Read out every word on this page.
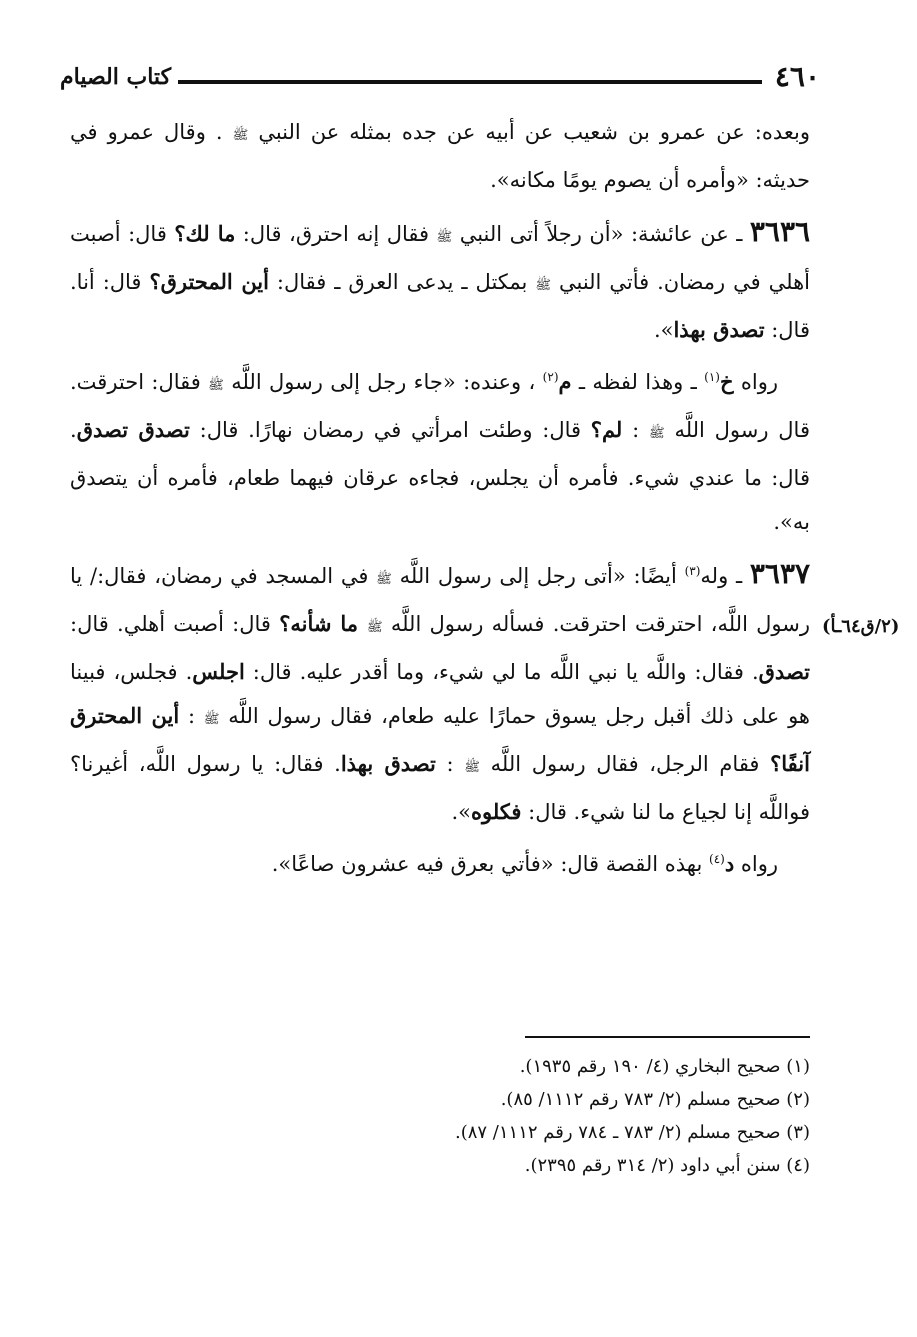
٤٦٠
كتاب الصيام

وبعده: عن عمرو بن شعيب عن أبيه عن جده بمثله عن النبي ﷺ . وقال عمرو في حديثه: «وأمره أن يصوم يومًا مكانه».

٣٦٣٦ ـ عن عائشة: «أن رجلاً أتى النبي ﷺ فقال إنه احترق، قال: ما لك؟ قال: أصبت أهلي في رمضان. فأتي النبي ﷺ بمكتل ـ يدعى العرق ـ فقال: أين المحترق؟ قال: أنا. قال: تصدق بهذا».

رواه خ$^{(١)}$ ـ وهذا لفظه ـ م$^{(٢)}$ ، وعنده: «جاء رجل إلى رسول اللَّه ﷺ فقال: احترقت. قال رسول اللَّه ﷺ : لم؟ قال: وطئت امرأتي في رمضان نهارًا. قال: تصدق تصدق. قال: ما عندي شيء. فأمره أن يجلس، فجاءه عرقان فيهما طعام، فأمره أن يتصدق به».

٣٦٣٧ ـ وله$^{(٣)}$ أيضًا: «أتى رجل إلى رسول اللَّه ﷺ في المسجد في رمضان، فقال:/ يا رسول اللَّه، احترقت احترقت. فسأله رسول اللَّه ﷺ ما شأنه؟ قال: أصبت أهلي. قال: تصدق. فقال: واللَّه يا نبي اللَّه ما لي شيء، وما أقدر عليه. قال: اجلس. فجلس، فبينا هو على ذلك أقبل رجل يسوق حمارًا عليه طعام، فقال رسول اللَّه ﷺ : أين المحترق آنفًا؟ فقام الرجل، فقال رسول اللَّه ﷺ : تصدق بهذا. فقال: يا رسول اللَّه، أغيرنا؟ فواللَّه إنا لجياع ما لنا شيء. قال: فكلوه».

رواه د$^{(٤)}$ بهذه القصة قال: «فأتي بعرق فيه عشرون صاعًا».

(٢/ق٦٤ـأ)
(١) صحيح البخاري (٤/ ١٩٠ رقم ١٩٣٥).
(٢) صحيح مسلم (٢/ ٧٨٣ رقم ١١١٢/ ٨٥).
(٣) صحيح مسلم (٢/ ٧٨٣ ـ ٧٨٤ رقم ١١١٢/ ٨٧).
(٤) سنن أبي داود (٢/ ٣١٤ رقم ٢٣٩٥).
